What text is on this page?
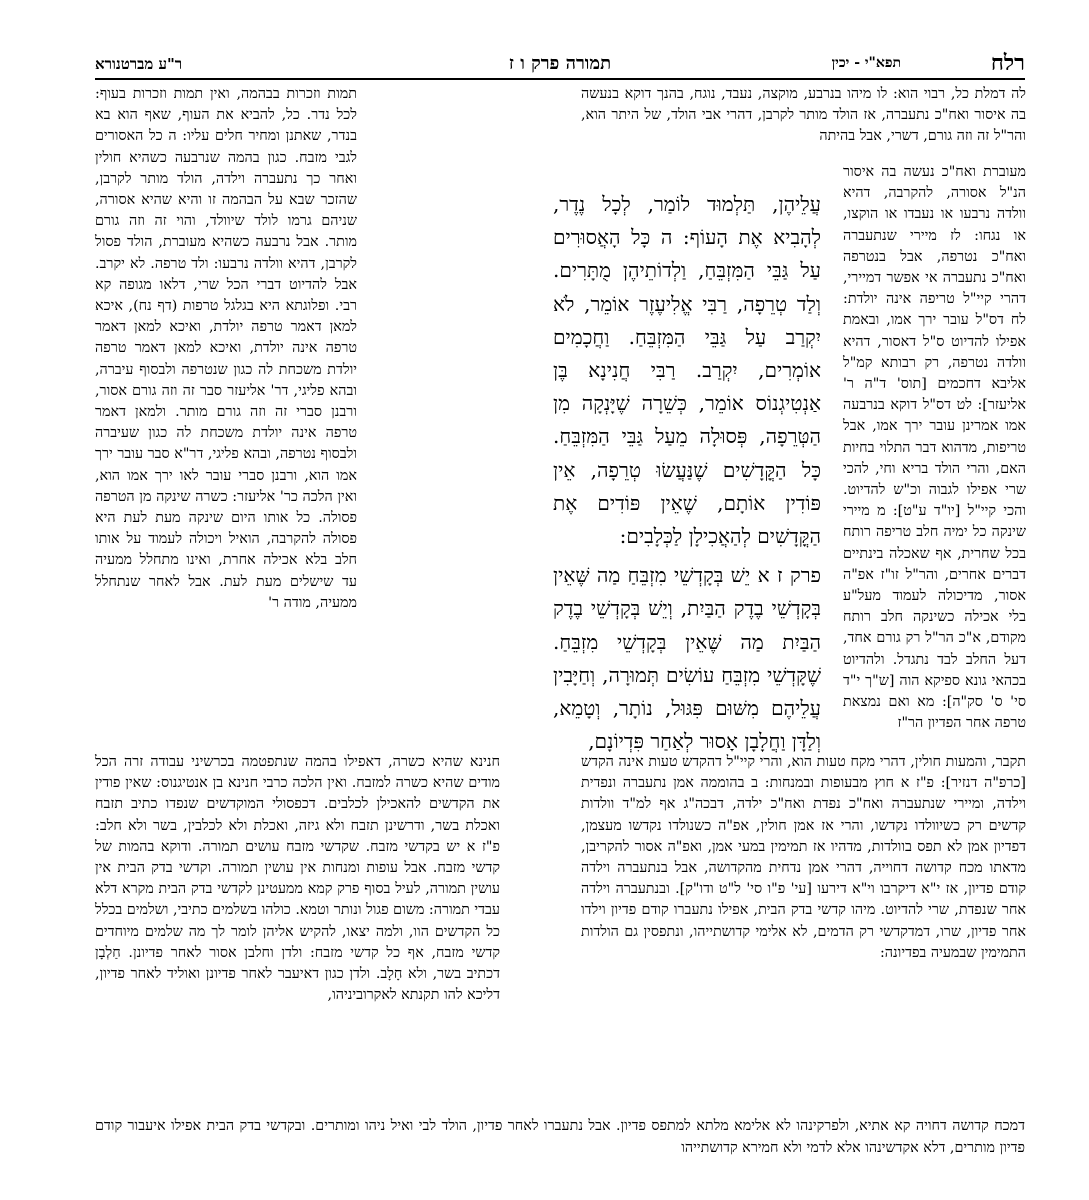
רלח
תפא"י - יכין
תמורה פרק ו ז
ר"ע מברטנורא

לה דמלת כל, רבוי הוא: לו מיהו בנרבע, מוקצה, נעבד, נוגח, בהנך דוקא בנעשה בה איסור ואח"כ נתעברה, אז הולד מותר לקרבן, דהרי אבי הולד, של היתר הוא, והר"ל זה וזה גורם, דשרי, אבל בהיתה

מעוברת ואח"כ נעשה בה איסור הנ"ל אסורה, להקרבה, דהיא וולדה נרבעו או נעבדו או הוקצו, או נגחו: לז מיירי שנתעברה ואח"כ נטרפה, אבל בנטרפה ואח"כ נתעברה אי אפשר דמיירי, דהרי קיי"ל טריפה אינה יולדת: לח דס"ל עובר ירך אמו, ובאמת אפילו להדיוט ס"ל דאסור, דהיא וולדה נטרפה, רק רבותא קמ"ל אליבא דחכמים [תוס' ד"ה ר' אליעזר]: לט דס"ל דוקא בנרבעה אמו אמרינן עובר ירך אמו, אבל טריפות, מדהוא דבר התלוי בחיות האם, והרי הולד בריא וחי, להכי שרי אפילו לגבוה וכ"ש להדיוט. והכי קיי"ל [יו"ד ע"ט]: מ מיירי שינקה כל ימיה חלב טריפה רותח בכל שחרית, אף שאכלה בינתיים דברים אחרים, והר"ל זו"ז אפ"ה אסור, מדיכולה לעמוד מעל"ע בלי אכילה כשינקה חלב רותח מקודם, א"כ הר"ל רק גורם אחד, דעל החלב לבד נתגדל. ולהדיוט בכהאי גונא ספיקא הוה [ש"ך י"ד סי' ס' סק"ה]: מא ואם נמצאת טרפה אחר הפדיון הר"ז

עֲלֵיהֶן, תַּלְמוּד לוֹמַר, לְכָל נֶדֶר, לְהָבִיא אֶת הָעוֹף: ה כָּל הָאֲסוּרִים עַל גַּבֵּי הַמִּזְבֵּחַ, וַלְדוֹתֵיהֶן מֻתָּרִים. וְלַד טְרֵפָה, רַבִּי אֱלִיעֶזֶר אוֹמֵר, לֹא יִקְרַב עַל גַּבֵּי הַמִּזְבֵּחַ. וַחֲכָמִים אוֹמְרִים, יִקְרַב. רַבִּי חֲנִינָא בֶּן אַנְטִיגְנוֹס אוֹמֵר, כְּשֵׁרָה שֶׁיָּנְקָה מִן הַטְּרֵפָה, פְּסוּלָה מֵעַל גַּבֵּי הַמִּזְבֵּחַ. כָּל הַקֳּדָשִׁים שֶׁנַּעֲשׂוּ טְרֵפָה, אֵין פּוֹדִין אוֹתָם, שֶׁאֵין פּוֹדִים אֶת הַקֳּדָשִׁים לְהַאֲכִילָן לַכְּלָבִים:
פרק ז א יֵשׁ בְּקָדְשֵׁי מִזְבֵּחַ מַה שֶּׁאֵין בְּקָדְשֵׁי בֶדֶק הַבַּיִת, וְיֵשׁ בְּקָדְשֵׁי בֶדֶק הַבַּיִת מַה שֶּׁאֵין בְּקָדְשֵׁי מִזְבֵּחַ. שֶׁקָּדְשֵׁי מִזְבֵּחַ עוֹשִׂים תְּמוּרָה, וְחַיָּבִין עֲלֵיהֶם מִשּׁוּם פִּגּוּל, נוֹתָר, וְטָמֵא, וְלַדָּן וַחֲלָבָן אָסוּר לְאַחַר פִּדְיוֹנָם,

תמות וזכרות בבהמה, ואין תמות וזכרות בעוף: לכל נדר. כל, להביא את העוף, שאף הוא בא בנדר, שאתנן ומחיר חלים עליו: ה כל האסורים לגבי מזבח. כגון בהמה שנרבעה כשהיא חולין ואחר כך נתעברה וילדה, הולד מותר לקרבן, שהזכר שבא על הבהמה זו והיא שהיא אסורה, שניהם גרמו לולד שיוולד, והוי זה וזה גורם מותר. אבל נרבעה כשהיא מעוברת, הולד פסול לקרבן, דהיא וולדה נרבעו: ולד טרפה. לא יקרב. אבל להדיוט דברי הכל שרי, דלאו מגופה קא רבי. ופלוגתא היא בגלגל טרפות (דף נח), איכא למאן דאמר טרפה יולדת, ואיכא למאן דאמר טרפה אינה יולדת, ואיכא למאן דאמר טרפה יולדת משכחת לה כגון שנטרפה ולבסוף עיברה, ובהא פליגי, דר' אליעזר סבר זה וזה גורם אסור, ורבנן סברי זה וזה גורם מותר. ולמאן דאמר טרפה אינה יולדת משכחת לה כגון שעיברה ולבסוף נטרפה, ובהא פליגי, דר"א סבר עובר ירך אמו הוא, ורבנן סברי עובר לאו ירך אמו הוא, ואין הלכה כר' אליעזר: כשרה שינקה מן הטרפה פסולה. כל אותו היום שינקה מעת לעת היא פסולה להקרבה, הואיל ויכולה לעמוד על אותו חלב בלא אכילה אחרת, ואינו מתחלל ממעיה עד שישלים מעת לעת. אבל לאחר שנתחלל ממעיה, מודה ר'

חנינא שהיא כשרה, דאפילו בהמה שנתפטמה בכרשיני עבודה זרה הכל מודים שהיא כשרה למזבח. ואין הלכה כרבי חנינא בן אנטיגנוס: שאין פודין את הקדשים להאכילן לכלבים. דכפסולי המוקדשים שנפדו כתיב תזבח ואכלת בשר, ודרשינן תזבח ולא גיזה, ואכלת ולא לכלבין, בשר ולא חלב: פ"ז א יש בקדשי מזבח. שקדשי מזבח עושים תמורה. ודוקא בהמות של קדשי מזבח. אבל עופות ומנחות אין עושין תמורה. וקדשי בדק הבית אין עושין תמורה, לעיל בסוף פרק קמא ממעטינן לקדשי בדק הבית מקרא דלא עבדי תמורה: משום פגול ונותר וטמא. כולהו בשלמים כתיבי, ושלמים בכלל כל הקדשים הוו, ולמה יצאו, להקיש אליהן לומר לך מה שלמים מיוחדים קדשי מזבח, אף כל קדשי מזבח: ולדן וחלבן אסור לאחר פדיונן. חַלְבָן דכתיב בשר, ולא חָלָב. ולדן כגון דאיעבר לאחר פדיונן ואוליד לאחר פדיון, דליכא להו תקנתא לאקרוביניהו,

תקבר, והמעות חולין, דהרי מקח טעות הוא, והרי קיי"ל דהקדש טעות אינה הקדש [כרפ"ה דנזיר]: פ"ז א חוץ מבעופות ובמנחות: ב בהוממה אמן נתעברה ונפדית וילדה, ומיירי שנתעברה ואח"כ נפדת ואח"כ ילדה, דבכה"ג אף למ"ד וולדות קדשים רק כשיוולדו נקדשו, והרי אז אמן חולין, אפ"ה כשנולדו נקדשו מעצמן, דפדיון אמן לא תפס בוולדות, מדהיו אז תמימין במעי אמן, ואפ"ה אסור להקריבן, מדאתו מכח קדושה דחוייה, דהרי אמן נדחית מהקדושה, אבל בנתעברה וילדה קודם פדיון, אז י"א דיקרבו וי"א דירעו [עי' פ"ו סי' ל"ט ודו"ק]. ובנתעברה וילדה אחר שנפדת, שרי להדיוט. מיהו קדשי בדק הבית, אפילו נתעברו קודם פדיון וילדו אחר פדיון, שרו, דמדקדשי רק הדמים, לא אלימי קדושתייהו, ונתפסין גם הולדות התמימין שבמעיה בפדיונה:

דמכח קדושה דחויה קא אתיא, ולפרקינהו לא אלימא מלתא למתפס פדיון. אבל נתעברו לאחר פדיון, הולד לבי ואיל ניהו ומותרים. ובקדשי בדק הבית אפילו איעבור קודם פדיון מותרים, דלא אקדשינהו אלא לדמי ולא חמירא קדושתייהו
